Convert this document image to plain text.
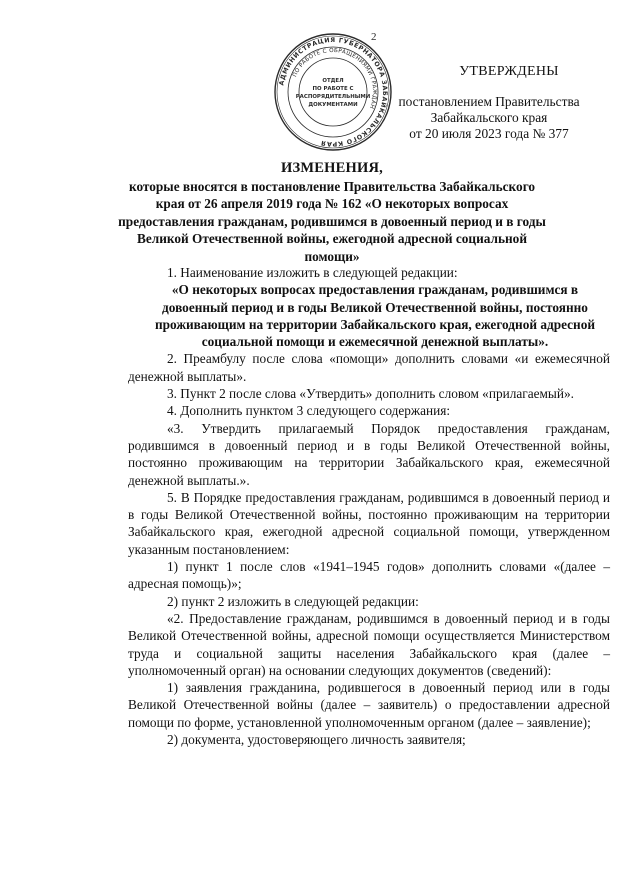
АДМИНИСТРАЦИЯ ГУБЕРНАТОРА ЗАБАЙКАЛЬСКОГО КРАЯ
ПО РАБОТЕ С ОБРАЩЕНИЯМИ ГРАЖДАН
ОТДЕЛ
ПО РАБОТЕ С
РАСПОРЯДИТЕЛЬНЫМИ
ДОКУМЕНТАМИ
2
УТВЕРЖДЕНЫ
постановлением Правительства
Забайкальского края
от 20 июля 2023 года № 377
ИЗМЕНЕНИЯ,
которые вносятся в постановление Правительства Забайкальского края от 26 апреля 2019 года № 162 «О некоторых вопросах предоставления гражданам, родившимся в довоенный период и в годы Великой Отечественной войны, ежегодной адресной социальной помощи»

1. Наименование изложить в следующей редакции:

«О некоторых вопросах предоставления гражданам, родившимся в довоенный период и в годы Великой Отечественной войны, постоянно проживающим на территории Забайкальского края, ежегодной адресной социальной помощи и ежемесячной денежной выплаты».

2. Преамбулу после слова «помощи» дополнить словами «и ежемесячной денежной выплаты».

3. Пункт 2 после слова «Утвердить» дополнить словом «прилагаемый».

4. Дополнить пунктом 3 следующего содержания:

«3. Утвердить прилагаемый Порядок предоставления гражданам, родившимся в довоенный период и в годы Великой Отечественной войны, постоянно проживающим на территории Забайкальского края, ежемесячной денежной выплаты.».

5. В Порядке предоставления гражданам, родившимся в довоенный период и в годы Великой Отечественной войны, постоянно проживающим на территории Забайкальского края, ежегодной адресной социальной помощи, утвержденном указанным постановлением:

1) пункт 1 после слов «1941–1945 годов» дополнить словами «(далее – адресная помощь)»;

2) пункт 2 изложить в следующей редакции:

«2. Предоставление гражданам, родившимся в довоенный период и в годы Великой Отечественной войны, адресной помощи осуществляется Министерством труда и социальной защиты населения Забайкальского края (далее – уполномоченный орган) на основании следующих документов (сведений):

1) заявления гражданина, родившегося в довоенный период или в годы Великой Отечественной войны (далее – заявитель) о предоставлении адресной помощи по форме, установленной уполномоченным органом (далее – заявление);

2) документа, удостоверяющего личность заявителя;
